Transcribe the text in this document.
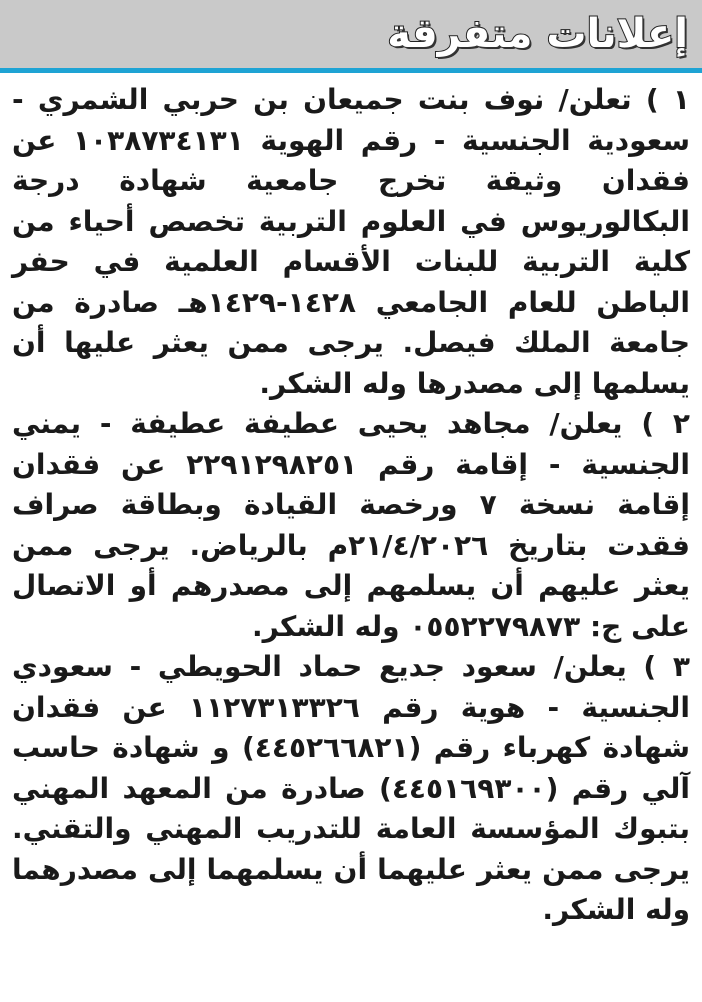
إعلانات متفرقة

١ ) تعلن/ نوف بنت جميعان بن حربي الشمري - سعودية الجنسية - رقم الهوية ١٠٣٨٧٣٤١٣١ عن فقدان وثيقة تخرج جامعية شهادة درجة البكالوريوس في العلوم التربية تخصص أحياء من كلية التربية للبنات الأقسام العلمية في حفر الباطن للعام الجامعي ١٤٢٨-١٤٢٩هـ صادرة من جامعة الملك فيصل. يرجى ممن يعثر عليها أن يسلمها إلى مصدرها وله الشكر.

٢ ) يعلن/ مجاهد يحيى عطيفة عطيفة - يمني الجنسية - إقامة رقم ٢٢٩١٢٩٨٢٥١ عن فقدان إقامة نسخة ٧ ورخصة القيادة وبطاقة صراف فقدت بتاريخ ٢١/٤/٢٠٢٦م بالرياض. يرجى ممن يعثر عليهم أن يسلمهم إلى مصدرهم أو الاتصال على ج: ٠٥٥٢٢٧٩٨٧٣ وله الشكر.

٣ ) يعلن/ سعود جديع حماد الحويطي - سعودي الجنسية - هوية رقم ١١٢٧٣١٣٣٢٦ عن فقدان شهادة كهرباء رقم (٤٤٥٢٦٦٨٢١) و شهادة حاسب آلي رقم (٤٤٥١٦٩٣٠٠) صادرة من المعهد المهني بتبوك المؤسسة العامة للتدريب المهني والتقني. يرجى ممن يعثر عليهما أن يسلمهما إلى مصدرهما وله الشكر.
